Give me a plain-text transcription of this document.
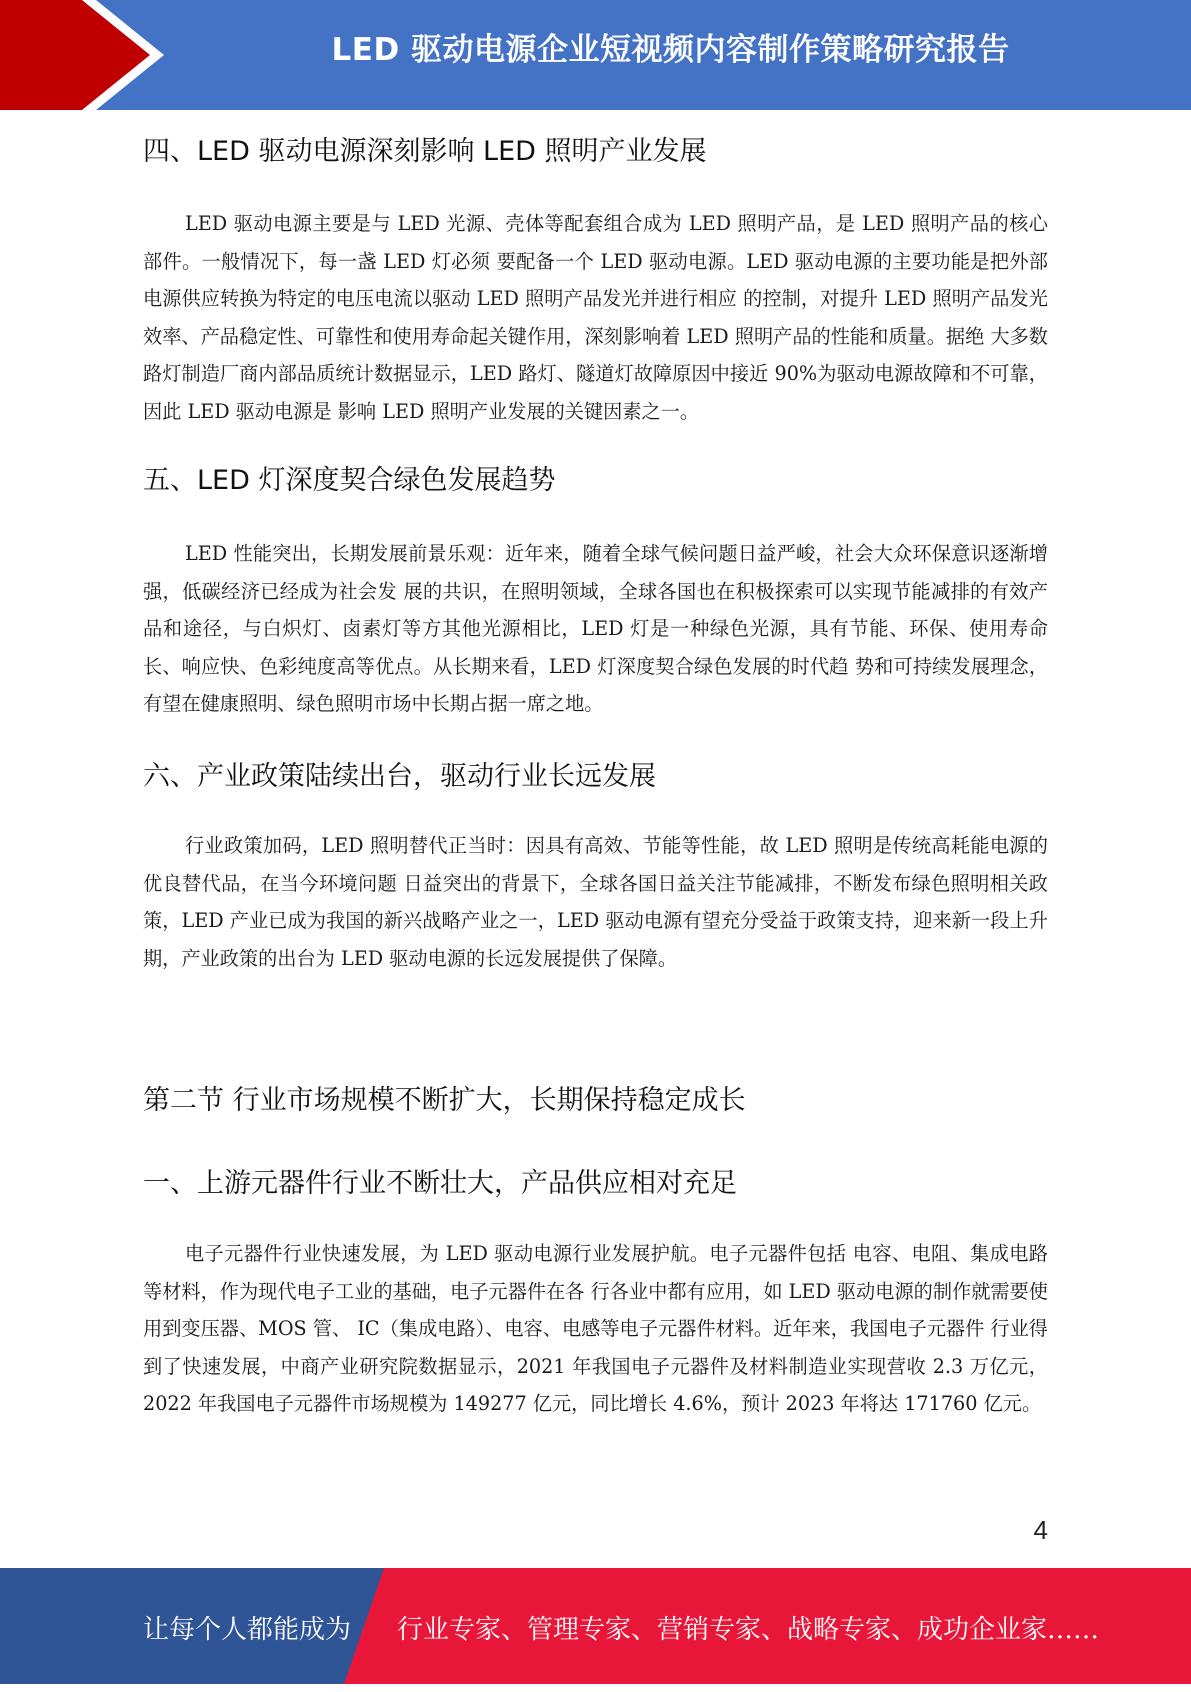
LED 驱动电源企业短视频内容制作策略研究报告
四、LED 驱动电源深刻影响 LED 照明产业发展

LED 驱动电源主要是与 LED 光源、壳体等配套组合成为 LED 照明产品，是 LED 照明产品的核心部件。一般情况下，每一盏 LED 灯必须 要配备一个 LED 驱动电源。LED 驱动电源的主要功能是把外部电源供应转换为特定的电压电流以驱动 LED 照明产品发光并进行相应 的控制，对提升 LED 照明产品发光效率、产品稳定性、可靠性和使用寿命起关键作用，深刻影响着 LED 照明产品的性能和质量。据绝 大多数路灯制造厂商内部品质统计数据显示，LED 路灯、隧道灯故障原因中接近 90%为驱动电源故障和不可靠，因此 LED 驱动电源是 影响 LED 照明产业发展的关键因素之一。

五、LED 灯深度契合绿色发展趋势

LED 性能突出，长期发展前景乐观：近年来，随着全球气候问题日益严峻，社会大众环保意识逐渐增强，低碳经济已经成为社会发 展的共识，在照明领域，全球各国也在积极探索可以实现节能减排的有效产品和途径，与白炽灯、卤素灯等方其他光源相比，LED 灯是一种绿色光源，具有节能、环保、使用寿命长、响应快、色彩纯度高等优点。从长期来看，LED 灯深度契合绿色发展的时代趋 势和可持续发展理念，有望在健康照明、绿色照明市场中长期占据一席之地。

六、产业政策陆续出台，驱动行业长远发展

行业政策加码，LED 照明替代正当时：因具有高效、节能等性能，故 LED 照明是传统高耗能电源的优良替代品，在当今环境问题 日益突出的背景下，全球各国日益关注节能减排，不断发布绿色照明相关政策，LED 产业已成为我国的新兴战略产业之一，LED 驱动电源有望充分受益于政策支持，迎来新一段上升期，产业政策的出台为 LED 驱动电源的长远发展提供了保障。

第二节 行业市场规模不断扩大，长期保持稳定成长
一、上游元器件行业不断壮大，产品供应相对充足

电子元器件行业快速发展，为 LED 驱动电源行业发展护航。电子元器件包括 电容、电阻、集成电路等材料，作为现代电子工业的基础，电子元器件在各 行各业中都有应用，如 LED 驱动电源的制作就需要使用到变压器、MOS 管、 IC（集成电路）、电容、电感等电子元器件材料。近年来，我国电子元器件 行业得到了快速发展，中商产业研究院数据显示，2021 年我国电子元器件及材料制造业实现营收 2.3 万亿元，2022 年我国电子元器件市场规模为 149277 亿元，同比增长 4.6%，预计 2023 年将达 171760 亿元。

4
让每个人都能成为 行业专家、管理专家、营销专家、战略专家、成功企业家……
